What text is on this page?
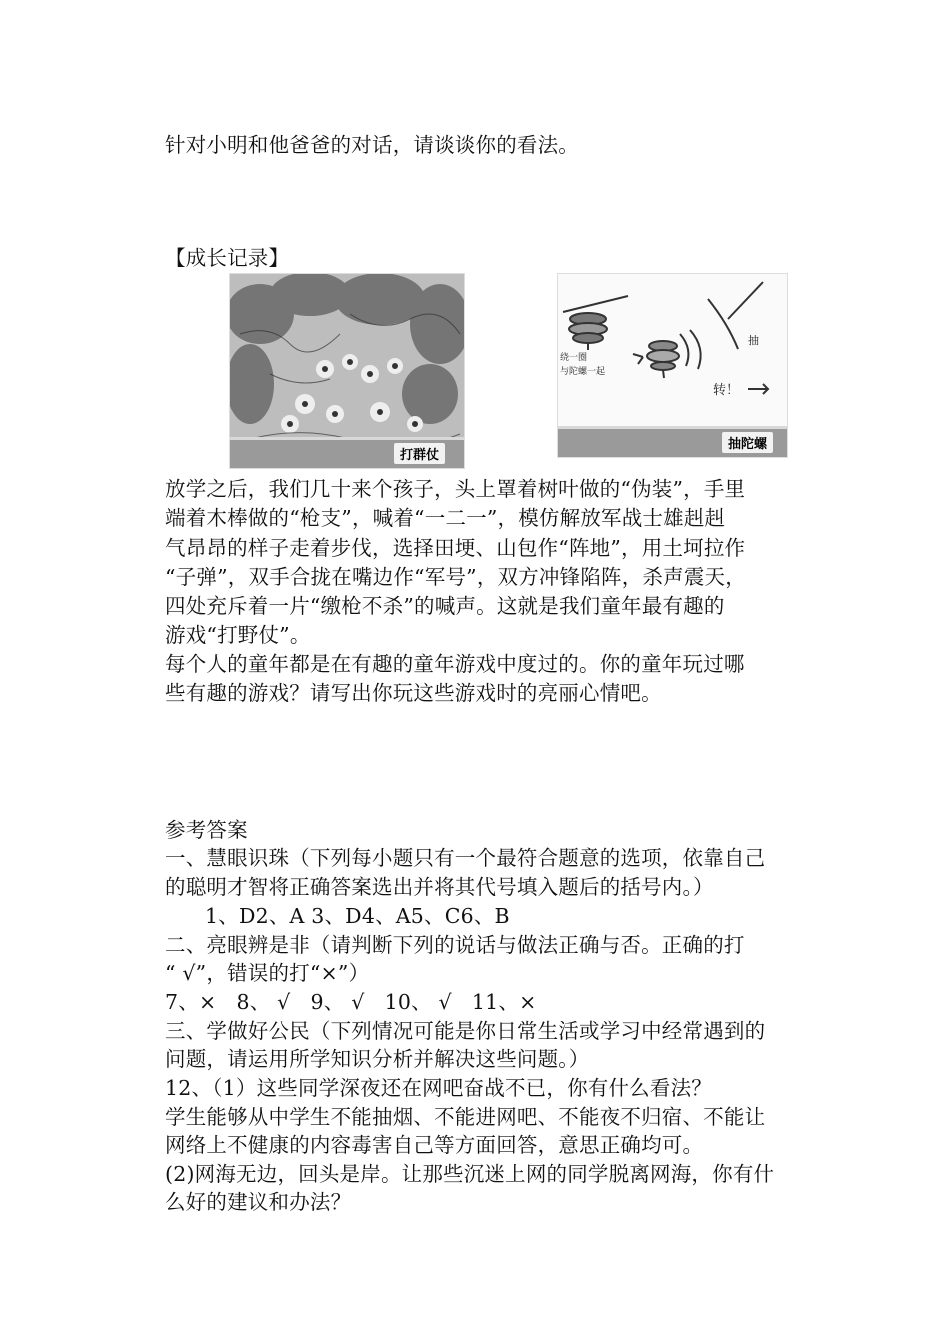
针对小明和他爸爸的对话，请谈谈你的看法。
【成长记录】
打群仗
抽
绕一圈
与陀螺一起
转！
抽陀螺
放学之后，我们几十来个孩子，头上罩着树叶做的“伪装”，手里
端着木棒做的“枪支”，喊着“一二一”，模仿解放军战士雄赳赳
气昂昂的样子走着步伐，选择田埂、山包作“阵地”，用土坷拉作
“子弹”，双手合拢在嘴边作“军号”，双方冲锋陷阵，杀声震天，
四处充斥着一片“缴枪不杀”的喊声。这就是我们童年最有趣的
游戏“打野仗”。
每个人的童年都是在有趣的童年游戏中度过的。你的童年玩过哪
些有趣的游戏？请写出你玩这些游戏时的亮丽心情吧。
参考答案
一、慧眼识珠（下列每小题只有一个最符合题意的选项，依靠自己
的聪明才智将正确答案选出并将其代号填入题后的括号内。）
1、D2、A 3、D4、A5、C6、B
二、亮眼辨是非（请判断下列的说话与做法正确与否。正确的打
“ √”，错误的打“×”）
7、×   8、 √   9、 √   10、 √   11、×
三、学做好公民（下列情况可能是你日常生活或学习中经常遇到的
问题，请运用所学知识分析并解决这些问题。）
12、（1）这些同学深夜还在网吧奋战不已，你有什么看法？
学生能够从中学生不能抽烟、不能进网吧、不能夜不归宿、不能让
网络上不健康的内容毒害自己等方面回答，意思正确均可。
(2)网海无边，回头是岸。让那些沉迷上网的同学脱离网海，你有什
么好的建议和办法？
